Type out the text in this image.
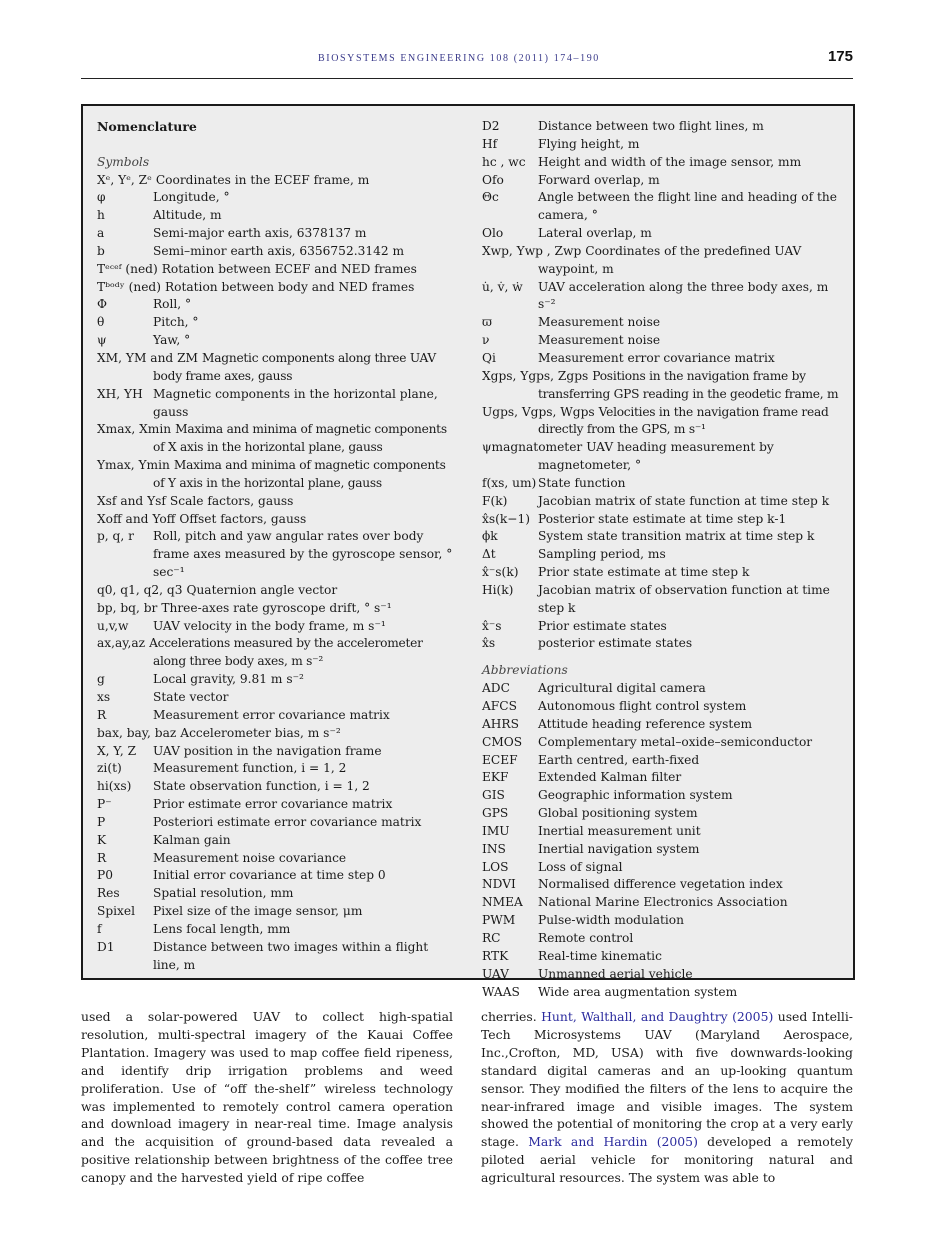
BIOSYSTEMS ENGINEERING 108 (2011) 174–190	175
Nomenclature
Symbols
Xᵉ, Yᵉ, Zᵉ Coordinates in the ECEF frame, m
φ	Longitude, °
h	Altitude, m
a	Semi-major earth axis, 6378137 m
b	Semi–minor earth axis, 6356752.3142 m
Tᵉᶜᵉᶠ (ned) Rotation between ECEF and NED frames
Tᵇᵒᵈʸ (ned) Rotation between body and NED frames
Φ	Roll, °
θ	Pitch, °
ψ	Yaw, °
XM, YM and ZM Magnetic components along three UAV body frame axes, gauss
XH, YH Magnetic components in the horizontal plane, gauss
Xmax, Xmin Maxima and minima of magnetic components of X axis in the horizontal plane, gauss
Ymax, Ymin Maxima and minima of magnetic components of Y axis in the horizontal plane, gauss
Xsf and Ysf Scale factors, gauss
Xoff and Yoff Offset factors, gauss
p, q, r	Roll, pitch and yaw angular rates over body frame axes measured by the gyroscope sensor, ° sec⁻¹
q0, q1, q2, q3 Quaternion angle vector
bp, bq, br Three-axes rate gyroscope drift, ° s⁻¹
u,v,w	UAV velocity in the body frame, m s⁻¹
ax,ay,az Accelerations measured by the accelerometer along three body axes, m s⁻²
g	Local gravity, 9.81 m s⁻²
xs	State vector
R	Measurement error covariance matrix
bax, bay, baz Accelerometer bias, m s⁻²
X, Y, Z	UAV position in the navigation frame
zi(t)	Measurement function, i = 1, 2
hi(xs)	State observation function, i = 1, 2
P⁻	Prior estimate error covariance matrix
P	Posteriori estimate error covariance matrix
K	Kalman gain
R	Measurement noise covariance
P0	Initial error covariance at time step 0
Res	Spatial resolution, mm
Spixel	Pixel size of the image sensor, μm
f	Lens focal length, mm
D1	Distance between two images within a flight line, m
D2	Distance between two flight lines, m
Hf	Flying height, m
hc , wc	Height and width of the image sensor, mm
Ofo	Forward overlap, m
Θc	Angle between the flight line and heading of the camera, °
Olo	Lateral overlap, m
Xwp, Ywp , Zwp Coordinates of the predefined UAV waypoint, m
u̇, v̇, ẇ	UAV acceleration along the three body axes, m s⁻²
ϖ	Measurement noise
ν	Measurement noise
Qi	Measurement error covariance matrix
Xgps, Ygps, Zgps Positions in the navigation frame by transferring GPS reading in the geodetic frame, m
Ugps, Vgps, Wgps Velocities in the navigation frame read directly from the GPS, m s⁻¹
ψmagnatometer UAV heading measurement by magnetometer, °
f(xs, um) State function
F(k)	Jacobian matrix of state function at time step k
x̂s(k−1) Posterior state estimate at time step k-1
ϕk	System state transition matrix at time step k
Δt	Sampling period, ms
x̂⁻s(k)	Prior state estimate at time step k
Hi(k)	Jacobian matrix of observation function at time step k
x̂⁻s	Prior estimate states
x̂s	posterior estimate states
Abbreviations
ADC	Agricultural digital camera
AFCS	Autonomous flight control system
AHRS	Attitude heading reference system
CMOS	Complementary metal–oxide–semiconductor
ECEF	Earth centred, earth-fixed
EKF	Extended Kalman filter
GIS	Geographic information system
GPS	Global positioning system
IMU	Inertial measurement unit
INS	Inertial navigation system
LOS	Loss of signal
NDVI	Normalised difference vegetation index
NMEA	National Marine Electronics Association
PWM	Pulse-width modulation
RC	Remote control
RTK	Real-time kinematic
UAV	Unmanned aerial vehicle
WAAS	Wide area augmentation system
used a solar-powered UAV to collect high-spatial resolution, multi-spectral imagery of the Kauai Coffee Plantation. Imagery was used to map coffee field ripeness, and identify drip irrigation problems and weed proliferation. Use of “off the-shelf” wireless technology was implemented to remotely control camera operation and download imagery in near-real time. Image analysis and the acquisition of ground-based data revealed a positive relationship between brightness of the coffee tree canopy and the harvested yield of ripe coffee
cherries. Hunt, Walthall, and Daughtry (2005) used Intelli-Tech Microsystems UAV (Maryland Aerospace, Inc.,Crofton, MD, USA) with five downwards-looking standard digital cameras and an up-looking quantum sensor. They modified the filters of the lens to acquire the near-infrared image and visible images. The system showed the potential of monitoring the crop at a very early stage. Mark and Hardin (2005) developed a remotely piloted aerial vehicle for monitoring natural and agricultural resources. The system was able to
